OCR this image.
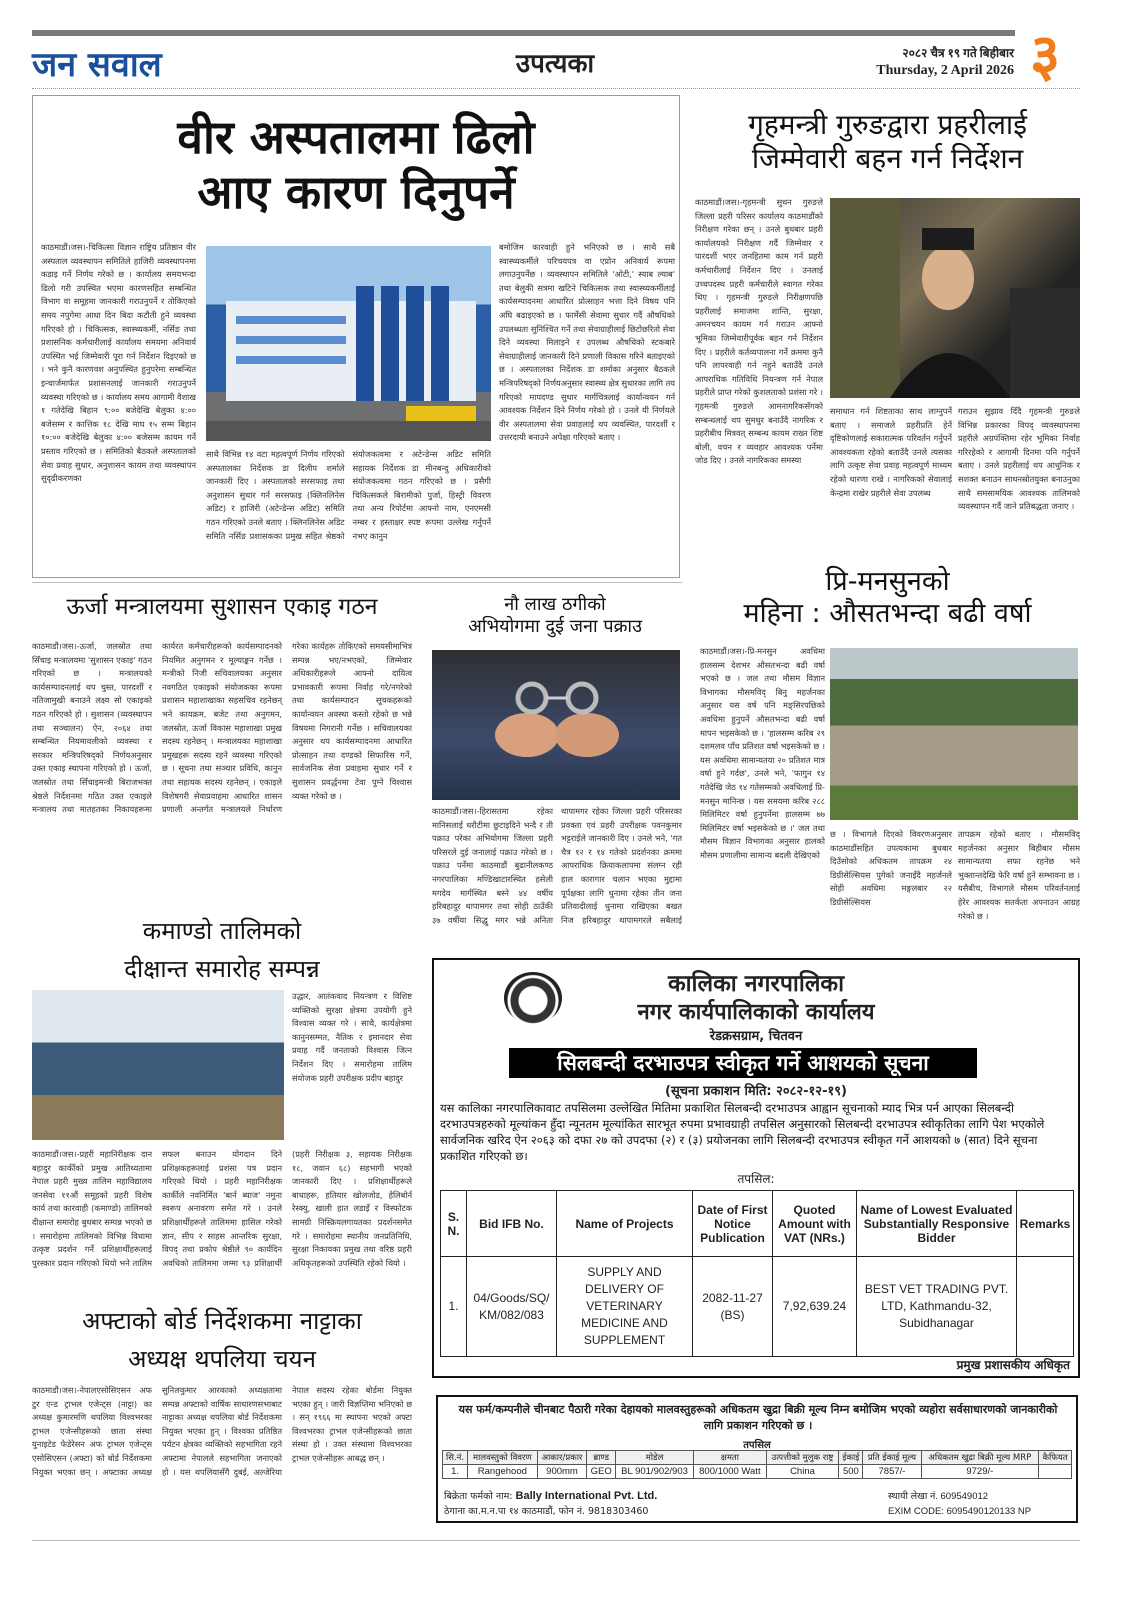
जन सवाल	उपत्यका	२०८२ चैत्र १९ गते बिहीबार
Thursday, 2 April 2026 ३
वीर अस्पतालमा ढिलो
आए कारण दिनुपर्ने
काठमाडौं।जस।-चिकित्सा विज्ञान राष्ट्रिय प्रतिष्ठान वीर अस्पताल व्यवस्थापन समितिले हाजिरी व्यवस्थापनमा कडाइ गर्ने निर्णय गरेको छ । कार्यालय समयभन्दा ढिलो गरी उपस्थित भएमा कारणसहित सम्बन्धित विभाग वा समूहमा जानकारी गराउनुपर्ने र तोकिएको समय नपुगेमा आधा दिन बिदा कटौती हुने व्यवस्था गरिएको हो । चिकित्सक, स्वास्थ्यकर्मी, नर्सिङ तथा प्रशासनिक कर्मचारीलाई कार्यालय समयमा अनिवार्य उपस्थित भई जिम्मेवारी पूरा गर्न निर्देशन दिइएको छ । भने कुनै कारणवश अनुपस्थित हुनुपरेमा सम्बन्धित इन्चार्जमार्फत प्रशासनलाई जानकारी गराउनुपर्ने व्यवस्था गरिएको छ । कार्यालय समय आगामी वैशाख १ गतेदेखि बिहान ९:०० बजेदेखि बेलुका ४:०० बजेसम्म र कात्तिक १८ देखि माघ १५ सम्म बिहान १०:०० बजेदेखि बेलुका ४:०० बजेसम्म कायम गर्ने प्रस्ताव गरिएको छ । समितिको बैठकले अस्पतालको सेवा प्रवाह सुधार, अनुशासन कायम तथा व्यवस्थापन सुदृढीकरणका
साथै विभिन्न १४ वटा महत्वपूर्ण निर्णय गरिएको अस्पतालका निर्देशक डा दिलीप शर्माले जानकारी दिए । अस्पतालको सरसफाइ तथा अनुशासन सुधार गर्न सरसफाइ (क्लिनलिनेस अडिट) र हाजिरी (अटेन्डेन्स अडिट) समिति गठन गरिएको उनले बताए । क्लिनलिनेस अडिट समिति नर्सिङ प्रशासकका प्रमुख सहित श्रेष्ठको संयोजकत्वमा र अटेन्डेन्स अडिट समिति सहायक निर्देशक डा मीनबन्दु अधिकारीको संयोजकत्वमा गठन गरिएको छ । प्रसैगी चिकित्सकले बिरामीको पुर्जा, हिस्ट्री विवरण तथा अन्य रिपोर्टमा आफ्नो नाम, एनएमसी नम्बर र हस्ताक्षर स्पष्ट रूपमा उल्लेख गर्नुपर्ने नभए कानुन
बमोजिम कारवाही हुने भनिएको छ । साथै सबै स्वास्थ्यकर्मीले परिचयपत्र वा एप्रोन अनिवार्य रूपमा लगाउनुपर्नेछ । व्यवस्थापन समितिले 'ओटी,' स्याब ल्याब' तथा बेलुकी सत्रमा खटिने चिकित्सक तथा स्वास्थ्यकर्मीलाई कार्यसम्पादनमा आधारित प्रोत्साहन भत्ता दिने विषय पनि अघि बढाइएको छ । फार्मेसी सेवामा सुधार गर्दै औषधिको उपलब्धता सुनिश्चित गर्ने तथा सेवाग्राहीलाई छिटोछरितो सेवा दिने व्यवस्था मिलाइने र उपलब्ध औषधिको स्टकबारे सेवाग्राहीलाई जानकारी दिने प्रणाली विकास गरिने बताइएको छ । अस्पतालका निर्देशक डा शर्माका अनुसार बैठकले मन्त्रिपरिषद्को निर्णयअनुसार स्वास्थ्य क्षेत्र सुधारका लागि तय गरिएको मापदण्ड सुधार मार्गचित्रलाई कार्यान्वयन गर्न आवश्यक निर्देशन दिने निर्णय गरेको हो । उनले यी निर्णयले वीर अस्पतालमा सेवा प्रवाहलाई थप व्यवस्थित, पारदर्शी र उत्तरदायी बनाउने अपेक्षा गरिएको बताए ।
गृहमन्त्री गुरुङद्वारा प्रहरीलाई
जिम्मेवारी बहन गर्न निर्देशन
काठमाडौं।जस।-गृहमन्त्री सुधन गुरुङले जिल्ला प्रहरी परिसर कार्यालय काठमाडौंको निरीक्षण गरेका छन् । उनले बुधबार प्रहरी कार्यालयको निरीक्षण गर्दै जिम्मेवार र पारदर्शी भएर जनहितमा काम गर्न प्रहरी कर्मचारीलाई निर्देशन दिए । उनलाई उच्चपदस्थ प्रहरी कर्मचारीले स्वागत गरेका थिए । गृहमन्त्री गुरुङले निरीक्षणपछि प्रहरीलाई समाजमा शान्ति, सुरक्षा, अमनचयन कायम गर्न गराउन आफ्नो भूमिका जिम्मेवारीपूर्वक बहन गर्न निर्देशन दिए । प्रहरीले कर्तव्यपालना गर्ने क्रममा कुनै पनि लापरवाही गर्न नहुने बताउँदै उनले आपराधिक गतिविधि नियन्त्रण गर्न नेपाल प्रहरीले प्राप्त गरेको कुशलताको प्रशंसा गरे । गृहमन्त्री गुरुङले आमनागरिकसँगको सम्बन्धलाई थप सुमधुर बनाउँदै नागरिक र प्रहरीबीच मित्रवत् सम्बन्ध कायम राख्न शिष्ट बोली, वचन र व्यवहार आवश्यक पर्नेमा जोड दिए । उनले नागरिकका समस्या
समाधान गर्न शिष्टताका साथ लाग्नुपर्ने बताए । समाजले प्रहरीप्रति हेर्ने दृष्टिकोणलाई सकारात्मक परिवर्तन गर्नुपर्ने आवश्यकता रहेको बताउँदै उनले त्यसका लागि उत्कृष्ट सेवा प्रवाह महत्वपूर्ण माध्यम रहेको धारणा राखे । नागरिकको सेवालाई केन्द्रमा राखेर प्रहरीले सेवा उपलब्ध
गराउन सुझाव दिँदै गृहमन्त्री गुरुङले विभिन्न प्रकारका विपद् व्यवस्थापनमा प्रहरीले अग्रपंक्तिमा रहेर भूमिका निर्वाह गरिरहेको र आगामी दिनमा पनि गर्नुपर्ने बताए । उनले प्रहरीलाई थप आधुनिक र सशक्त बनाउन साधनस्रोतयुक्त बनाउनुका साथै समसामयिक आवश्यक तालिमको व्यवस्थापन गर्दै जाने प्रतिबद्धता जनाए ।
ऊर्जा मन्त्रालयमा सुशासन एकाइ गठन
काठमाडौं।जस।-ऊर्जा, जलस्रोत तथा सिँचाइ मन्त्रालयमा 'सुशासन एकाइ' गठन गरिएको छ । मन्त्रालयको कार्यसम्पादनलाई थप चुस्त, पारदर्शी र नतिजामुखी बनाउने लक्ष्य सो एकाइको गठन गरिएको हो । सुशासन (व्यवस्थापन तथा सञ्चालन) ऐन, २०६४ तथा सम्बन्धित नियमावलीको व्यवस्था र सरकार मन्त्रिपरिषद्को निर्णयअनुसार उक्त एकाइ स्थापना गरिएको हो । ऊर्जा, जलस्रोत तथा सिँचाइमन्त्री बिराजभक्त श्रेष्ठले निर्देशनमा गठित उक्त एकाइले मन्त्रालय तथा मातहतका निकायहरूमा कार्यरत कर्मचारीहरूको कार्यसम्पादनको नियमित अनुगमन र मूल्याङ्कन गर्नेछ । मन्त्रीको निजी सचिवालयका अनुसार नवगठित एकाइको संयोजकका रूपमा प्रशासन महाशाखाका सहसचिव रहनेछन् भने कायक्रम, बजेट तथा अनुगमन, जलस्रोत, ऊर्जा विकास महाशाखा प्रमुख सदस्य रहनेछन् । मन्त्रालयका महाशाखा प्रमुखहरू सदस्य रहने व्यवस्था गरिएको छ । सूचना तथा सञ्चार प्रविधि, कानुन तथा सहायक सदस्य रहनेछन् । एकाइले विशेषगरी सेवाप्रवाहमा आधारित शासन प्रणाली अन्तर्गत मन्त्रालयले निर्धारण गरेका कार्यहरू तोकिएको समयसीमाभित्र सम्पन्न भए/नभएको, जिम्मेवार अधिकारीहरूले आफ्नो दायित्व प्रभावकारी रूपमा निर्वाह गरे/नगरेको तथा कार्यसम्पादन सूचकहरूको कार्यान्वयन अवस्था कस्तो रहेको छ भन्ने विषयमा निगरानी गर्नेछ । सचिवालयका अनुसार थप कार्यसम्पादनमा आधारित प्रोत्साहन तथा दण्डको सिफारिस गर्ने, सार्वजनिक सेवा प्रवाहमा सुधार गर्ने र सुशासन प्रवर्द्धनमा टेवा पुग्ने विश्वास व्यक्त गरेको छ ।
नौ लाख ठगीको
अभियोगमा दुई जना पक्राउ
काठमाडौं।जस।-हिरासतमा रहेका मानिसलाई धरौटीमा छुटाइदिने भन्दै र ती पक्राउ परेका अभियोगमा जिल्ला प्रहरी परिसरले दुई जनालाई पक्राउ गरेको छ । पक्राउ पर्नेमा काठमाडौं बुढानीलकण्ठ नगरपालिका मण्डिखाटारस्थित हसेली मगदेव मार्गस्थित बस्ने ४४ वर्षीय हरिबहादुर थापामगर तथा सोही ठाउँकी ३७ वर्षीया सिद्धु मगर भन्ने अनिता थापामगर रहेका जिल्ला प्रहरी परिसरका प्रवक्ता एवं प्रहरी उपरीक्षक पवनकुमार भट्टराईले जानकारी दिए । उनले भने, 'गत चैत्र १२ र १४ गतेको प्रदर्शनका क्रममा आपराधिक क्रियाकलापमा संलग्न रही हाल कारागार चलान भएका मुद्दामा पूर्पक्षका लागि धुनामा रहेका तीन जना प्रतिवादीलाई धुनामा राखिएका बखत निज हरिबहादुर थापामगरले सबैलाई
प्रि-मनसुनको
महिना : औसतभन्दा बढी वर्षा
काठमाडौं।जस।-प्रि-मनसुन अवधिमा हालसम्म देशभर औसतभन्दा बढी वर्षा भएको छ । जल तथा मौसम विज्ञान विभागका मौसमविद् बिनु महर्जनका अनुसार यस वर्ष पनि मङ्सिरपछिको अवधिमा हुनुपर्ने औसतभन्दा बढी वर्षा मापन भइसकेको छ । 'हालसम्म करिब २९ दशमलव पाँच प्रतिशत वर्षा भइसकेको छ । यस अवधिमा सामान्यतया २० प्रतिशत मात्र वर्षा हुने गर्दछ', उनले भने, 'फागुन १४ गतेदेखि जेठ १४ गतेसम्मको अवधिलाई प्रि-मनसुन मानिन्छ । यस समयमा करिब २८८ मिलिमिटर वर्षा हुनुपर्नेमा हालसम्म ७७ मिलिमिटर वर्षा भइसकेको छ ।' जल तथा मौसम विज्ञान विभागका अनुसार हालको मौसम प्रणालीमा सामान्य बदली देखिएको
छ । विभागले दिएको विवरणअनुसार काठमाडौंसहित उपत्यकामा बुधबार दिउँसोको अधिकतम तापक्रम २४ डिग्रीसेल्सियस पुगेको जनाइँदै महर्जनले सोही अवधिमा मङ्गलबार २२ डिग्रीसेल्सियस
तापक्रम रहेको बताए । मौसमविद् महर्जनका अनुसार बिहीबार मौसम सामान्यतया सफा रहनेछ भने भुक्तान्तदेखि फेरि वर्षा हुने सम्भावना छ । यसैबीच, विभागले मौसम परिवर्तनलाई हेरेर आवश्यक सतर्कता अपनाउन आग्रह गरेको छ ।
कमाण्डो तालिमको
दीक्षान्त समारोह सम्पन्न
उद्धार, आतंकवाद नियन्त्रण र विशिष्ट व्यक्तिको सुरक्षा क्षेत्रमा उपयोगी हुने विश्वास व्यक्त गरे । साथै, कार्यक्षेत्रमा कानुनसम्मत, नैतिक र इमानदार सेवा प्रवाह गर्दै जनताको विश्वास जित्न निर्देशन दिए । समारोहमा तालिम संयोजक प्रहरी उपरीक्षक प्रदीप बहादुर
काठमाडौं।जस।-प्रहरी महानिरीक्षक दान बहादुर कार्कीको प्रमुख आतिथ्यतामा नेपाल प्रहरी मुख्य तालिम महाविद्यालय जनसेवा ११औं समूहको प्रहरी विशेष कार्य तथा कारवाही (कमाण्डो) तालिमको दीक्षान्त समारोह बुधबार सम्पन्न भएको छ । समारोहमा तालिमको विभिन्न विधामा उत्कृष्ट प्रदर्शन गर्ने प्रशिक्षार्थीहरूलाई पुरस्कार प्रदान गरिएको थियो भने तालिम सफल बनाउन योगदान दिने प्रशिक्षकहरूलाई प्रशंसा पत्र प्रदान गरिएको थियो । प्रहरी महानिरीक्षक कार्कीले नवनिर्मित 'बार्न ब्याज' नमुना स्वरूप अनावरण समेत गरे । उनले प्रशिक्षार्थीहरूले तालिममा हासिल गरेको ज्ञान, सीप र साहस आन्तरिक सुरक्षा, विपद् तथा प्रकोप श्रेष्ठीले ९० कार्यदिन अवधिको तालिममा जम्मा ९३ प्रशिक्षार्थी (प्रहरी निरीक्षक ३, सहायक निरीक्षक १८, जवान ६८) सहभागी भएको जानकारी दिए । प्रशिक्षार्थीहरूले बाधाहरू, हतियार खोलजोड, हेलिबोर्न रेस्क्यु, खाली हात लडाइँ र विस्फोटक सामग्री निस्क्रियलगायतका प्रदर्शनसमेत गरे । समारोहमा स्थानीय जनप्रतिनिधि, सुरक्षा निकायका प्रमुख तथा वरिष्ठ प्रहरी अधिकृतहरूको उपस्थिति रहेको थियो ।
अफ्टाको बोर्ड निर्देशकमा नाट्टाका
अध्यक्ष थपलिया चयन
काठमाडौं।जस।-नेपालएसोसिएसन अफ टुर एन्ड ट्राभल एजेन्ट्स (नाट्टा) का अध्यक्ष कुमारमणि थपलिया विश्वभरका ट्राभल एजेन्सीहरूको छाता संस्था युनाइटेड फेडेरेसन अफ ट्राभल एजेन्ट्स एसोसिएसन (अफ्टा) को बोर्ड निर्देशकमा नियुक्त भएका छन् । अफ्टाका अध्यक्ष सुनिलकुमार आरकाको अध्यक्षतामा सम्पन्न अफ्टाको वार्षिक साधारणसभाबाट नाट्टाका अध्यक्ष थपलिया बोर्ड निर्देशकमा नियुक्त भएका हुन् । विश्वका प्रतिष्ठित पर्यटन क्षेत्रका व्यक्तिको सहभागिता रहने अफ्टामा नेपालले सहभागिता जनाएको हो । यस थपलियासँगै दुबई, अल्जेरिया नेपाल सदस्य रहेका बोर्डमा नियुक्त भएका हुन् । जारी विज्ञप्तिमा भनिएको छ । सन् १९६६ मा स्थापना भएको अफ्टा विश्वभरका ट्राभल एजेन्सीहरूको छाता संस्था हो । उक्त संस्थामा विश्वभरका ट्राभल एजेन्सीहरू आबद्ध छन् ।
कालिका नगरपालिका
नगर कार्यपालिकाको कार्यालय
रेडक्रसग्राम, चितवन
सिलबन्दी दरभाउपत्र स्वीकृत गर्ने आशयको सूचना
(सूचना प्रकाशन मिति: २०८२-१२-१९)
यस कालिका नगरपालिकावाट तपसिलमा उल्लेखित मितिमा प्रकाशित सिलबन्दी दरभाउपत्र आह्वान सूचनाको म्याद भित्र पर्न आएका सिलबन्दी दरभाउपत्रहरुको मूल्यांकन हुँदा न्यूनतम मूल्यांकित सारभूत रुपमा प्रभावग्राही तपसिल अनुसारको सिलबन्दी दरभाउपत्र स्वीकृतिका लागि पेश भएकोले सार्वजनिक खरिद ऐन २०६३ को दफा २७ को उपदफा (२) र (३) प्रयोजनका लागि सिलबन्दी दरभाउपत्र स्वीकृत गर्ने आशयको ७ (सात) दिने सूचना प्रकाशित गरिएको छ।
तपसिल:
S. N.	Bid IFB No.	Name of Projects	Date of First Notice Publication	Quoted Amount with VAT (NRs.)	Name of Lowest Evaluated Substantially Responsive Bidder	Remarks
1.	04/Goods/SQ/ KM/082/083	SUPPLY AND DELIVERY OF VETERINARY MEDICINE AND SUPPLEMENT	2082-11-27 (BS)	7,92,639.24	BEST VET TRADING PVT. LTD, Kathmandu-32, Subidhanagar	
प्रमुख प्रशासकीय अधिकृत
यस फर्म/कम्पनीले चीनबाट पैठारी गरेका देहायको मालवस्तुहरूको अधिकतम खुद्रा बिक्री मूल्य निम्न बमोजिम भएको व्यहोरा सर्वसाधारणको जानकारीको लागि प्रकाशन गरिएको छ ।
तपसिल
सि.नं.	मालवस्तुको विवरण	आकार/प्रकार	ब्राण्ड	मोडेल	क्षमता	उत्पत्तीको मुलुक राष्ट्र	ईकाई	प्रति ईकाई मूल्य	अधिकतम खुद्रा बिक्री मूल्य MRP	कैफियत
1.	Rangehood	900mm	GEO	BL 901/902/903	800/1000 Watt	China	500	7857/-	9729/-	
बिक्रेता फर्मको नाम: Bally International Pvt. Ltd.
ठेगाना का.म.न.पा १४ काठमाडौं, फोन नं. 9818303460
स्थायी लेखा नं. 609549012
EXIM CODE: 6095490120133 NP
